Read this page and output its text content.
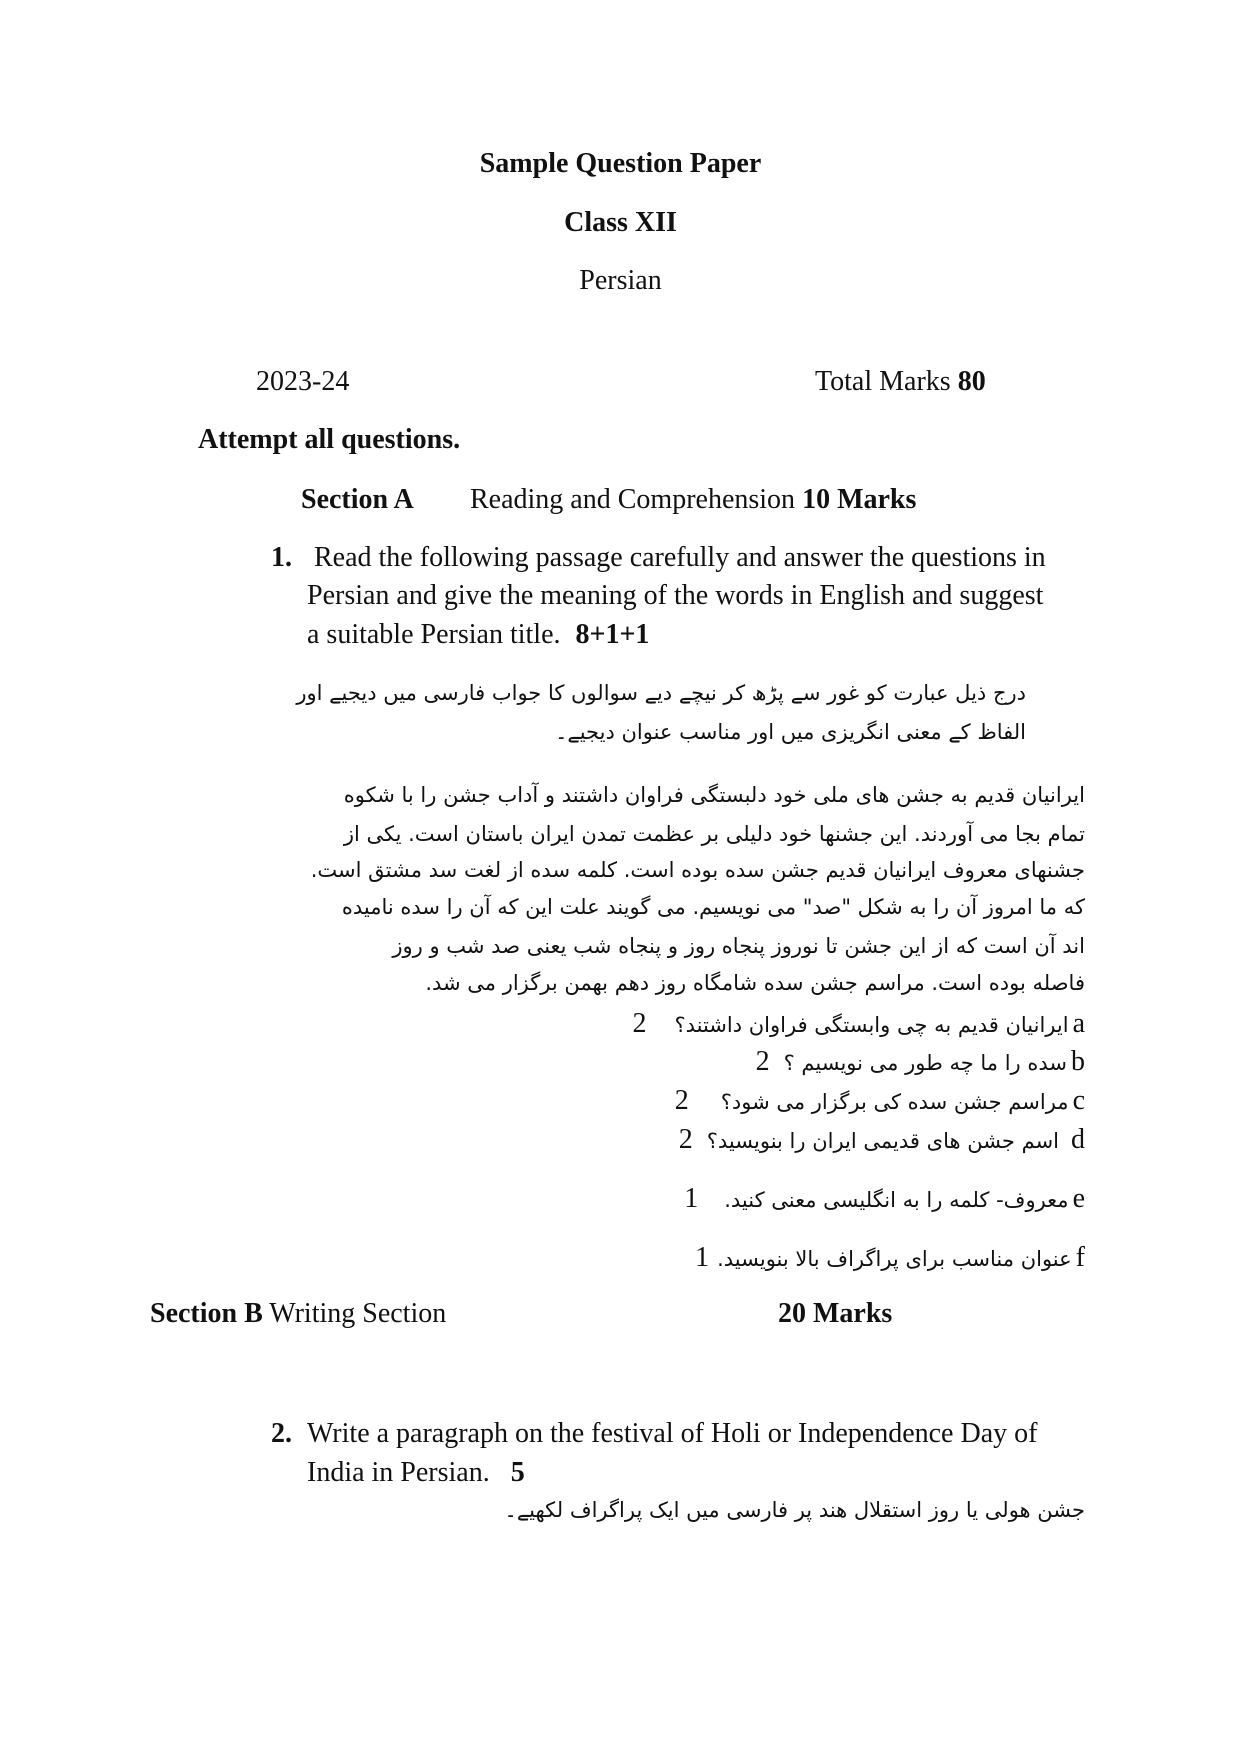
Sample Question Paper
Class XII
Persian
2023-24	Total Marks 80
Attempt all questions.
Section A Reading and Comprehension 10 Marks
1. Read the following passage carefully and answer the questions in
Persian and give the meaning of the words in English and suggest
a suitable Persian title. 8+1+1
درج ذیل عبارت کو غور سے پڑھ کر نیچے دیے سوالوں کا جواب فارسی میں دیجیے اور
الفاظ کے معنی انگریزی میں اور مناسب عنوان دیجیے۔
ایرانیان قدیم به جشن های ملی خود دلبستگی فراوان داشتند و آداب جشن را با شکوه
تمام بجا می آوردند. این جشنها خود دلیلی بر عظمت تمدن ایران باستان است. یکی از
جشنهای معروف ایرانیان قدیم جشن سده بوده است. کلمه سده از لغت سد مشتق است.
که ما امروز آن را به شکل "صد" می نویسیم. می گویند علت این که آن را سده نامیده
اند آن است که از این جشن تا نوروز پنجاه روز و پنجاه شب یعنی صد شب و روز
فاصله بوده است. مراسم جشن سده شامگاه روز دهم بهمن برگزار می شد.
2 ایرانیان قدیم به چی وابستگی فراوان داشتند؟ a
2 سده را ما چه طور می نویسیم ؟ b
2 مراسم جشن سده کی برگزار می شود؟ c
2 اسم جشن های قدیمی ایران را بنویسید؟ d
1 معروف- کلمه را به انگلیسی معنی کنید. e
1 عنوان مناسب برای پراگراف بالا بنویسید. f
Section B Writing Section	20 Marks
2. Write a paragraph on the festival of Holi or Independence Day of
India in Persian. 5
جشن هولی یا روز استقلال هند پر فارسی میں ایک پراگراف لکھیے۔
